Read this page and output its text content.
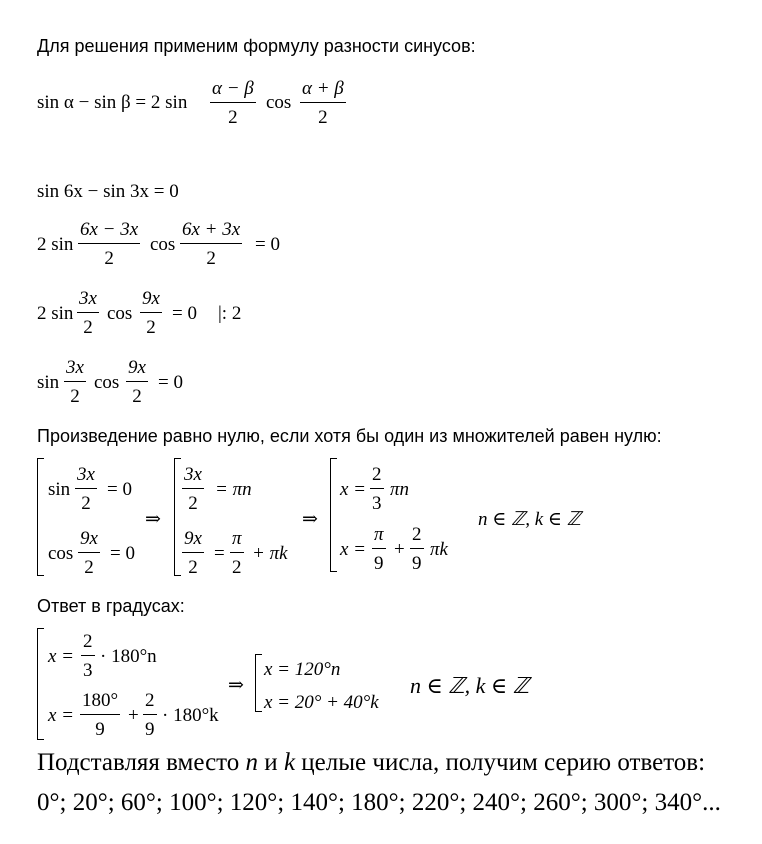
Для решения применим формулу разности синусов:
sin α − sin β = 2 sin
α − β
2
cos
α + β
2
sin 6x − sin 3x = 0
2 sin
6x − 3x
2
cos
6x + 3x
2
= 0
2 sin
3x
2
cos
9x
2
= 0 |: 2
sin
3x
2
cos
9x
2
= 0
Произведение равно нулю, если хотя бы один из множителей равен нулю:
sin
3x
2
= 0
cos
9x
2
= 0
⇒
3x
2
= πn
9x
2
=
π
2
+ πk
⇒
x =
2
3
πn
x =
π
9
+
2
9
πk
n ∈ ℤ, k ∈ ℤ
Ответ в градусах:
x =
2
3
· 180°n
x =
180°
9
+
2
9
· 180°k
⇒
x = 120°n
x = 20° + 40°k
n ∈ ℤ, k ∈ ℤ
Подставляя вместо n и k целые числа, получим серию ответов:
0°; 20°; 60°; 100°; 120°; 140°; 180°; 220°; 240°; 260°; 300°; 340°...
